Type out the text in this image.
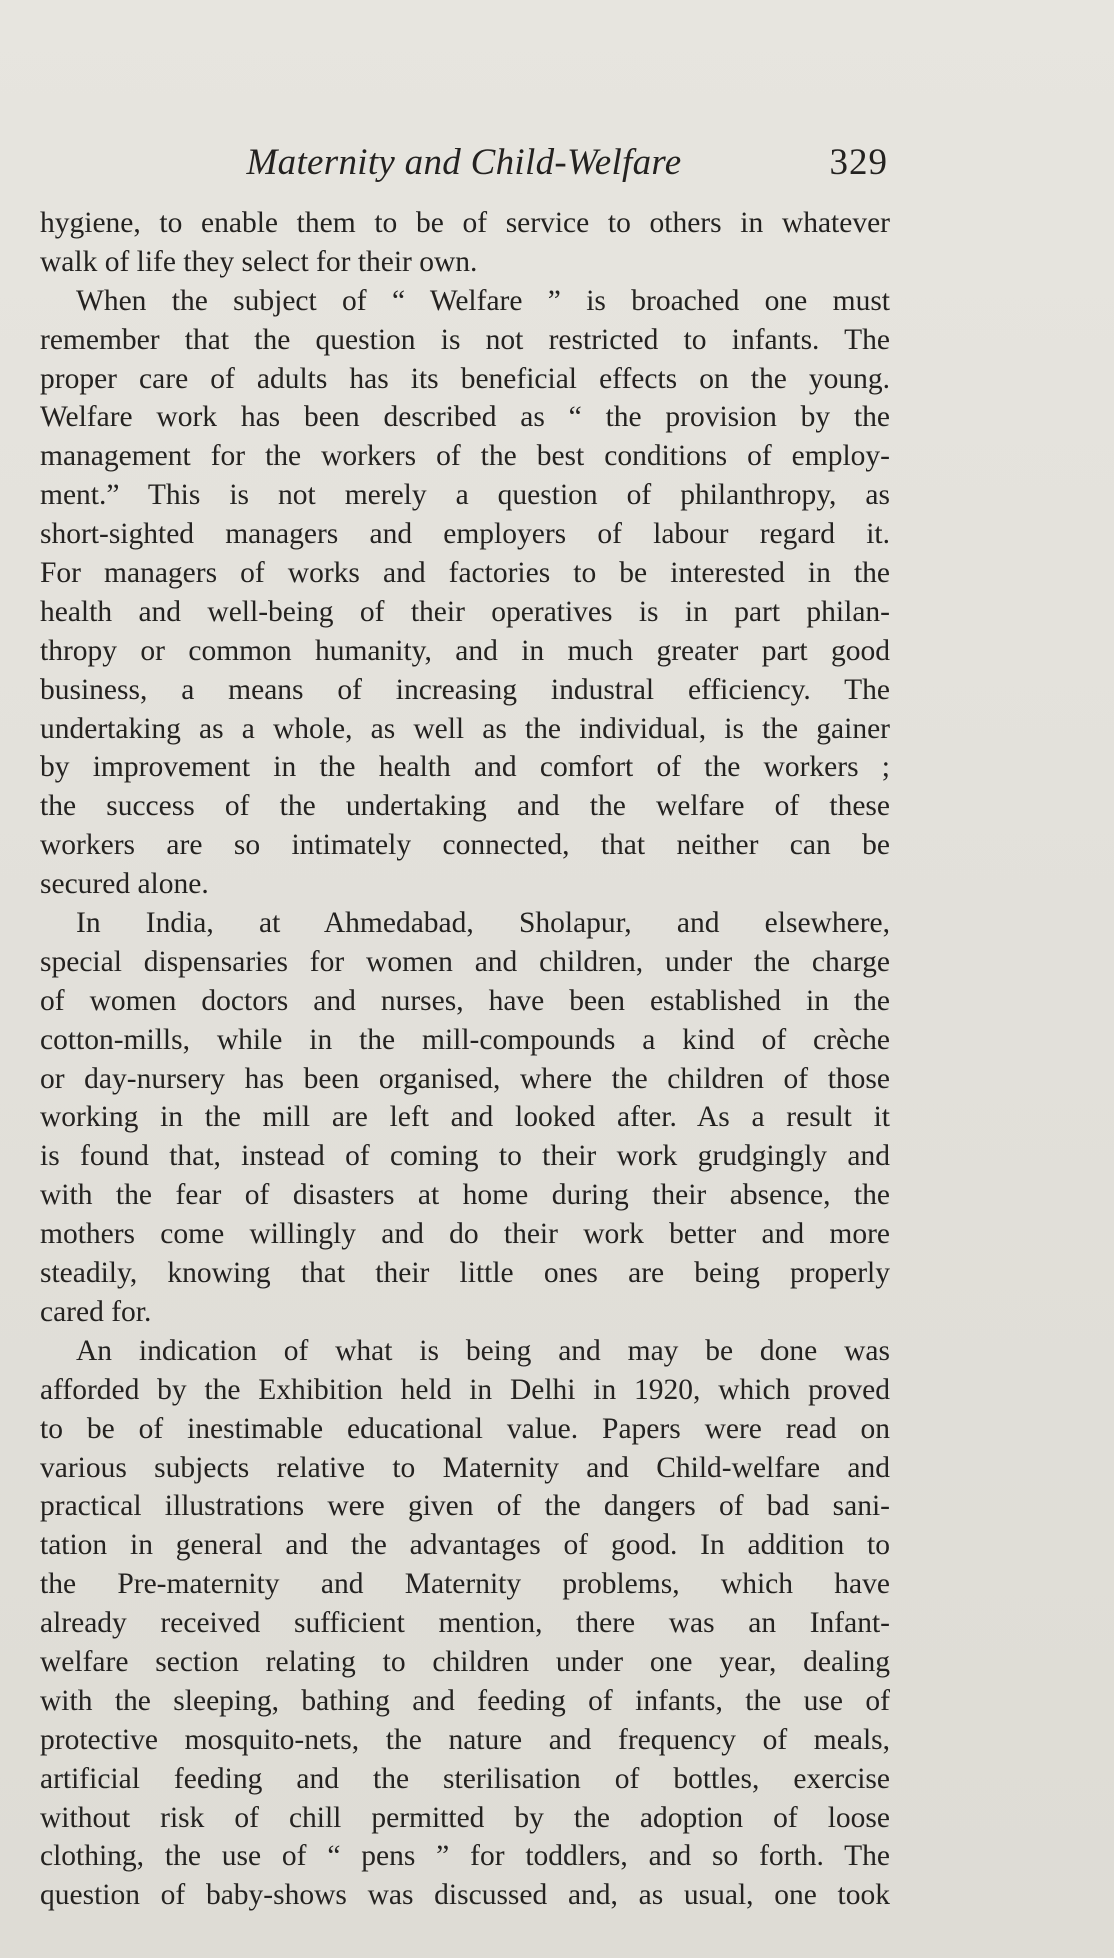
Maternity and Child-Welfare	329
hygiene, to enable them to be of service to others in whatever
walk of life they select for their own.
When the subject of “ Welfare ” is broached one must
remember that the question is not restricted to infants. The
proper care of adults has its beneficial effects on the young.
Welfare work has been described as “ the provision by the
management for the workers of the best conditions of employ-
ment.” This is not merely a question of philanthropy, as
short-sighted managers and employers of labour regard it.
For managers of works and factories to be interested in the
health and well-being of their operatives is in part philan-
thropy or common humanity, and in much greater part good
business, a means of increasing industral efficiency. The
undertaking as a whole, as well as the individual, is the gainer
by improvement in the health and comfort of the workers ;
the success of the undertaking and the welfare of these
workers are so intimately connected, that neither can be
secured alone.
In India, at Ahmedabad, Sholapur, and elsewhere,
special dispensaries for women and children, under the charge
of women doctors and nurses, have been established in the
cotton-mills, while in the mill-compounds a kind of crèche
or day-nursery has been organised, where the children of those
working in the mill are left and looked after. As a result it
is found that, instead of coming to their work grudgingly and
with the fear of disasters at home during their absence, the
mothers come willingly and do their work better and more
steadily, knowing that their little ones are being properly
cared for.
An indication of what is being and may be done was
afforded by the Exhibition held in Delhi in 1920, which proved
to be of inestimable educational value. Papers were read on
various subjects relative to Maternity and Child-welfare and
practical illustrations were given of the dangers of bad sani-
tation in general and the advantages of good. In addition to
the Pre-maternity and Maternity problems, which have
already received sufficient mention, there was an Infant-
welfare section relating to children under one year, dealing
with the sleeping, bathing and feeding of infants, the use of
protective mosquito-nets, the nature and frequency of meals,
artificial feeding and the sterilisation of bottles, exercise
without risk of chill permitted by the adoption of loose
clothing, the use of “ pens ” for toddlers, and so forth. The
question of baby-shows was discussed and, as usual, one took
